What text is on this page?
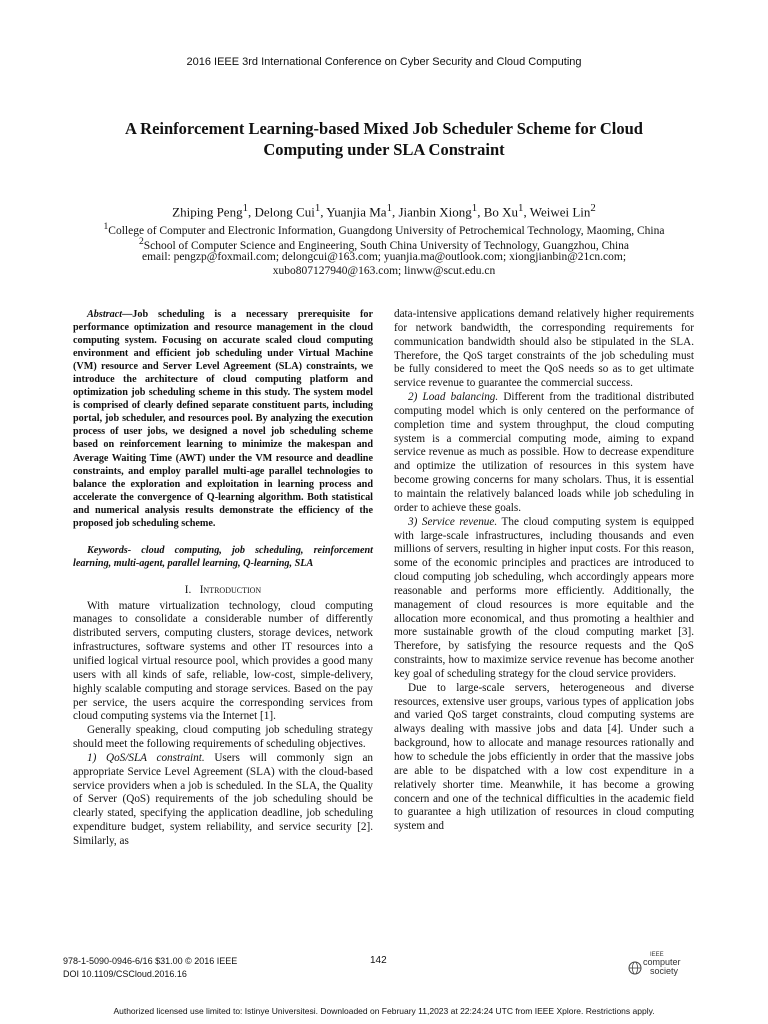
2016 IEEE 3rd International Conference on Cyber Security and Cloud Computing
A Reinforcement Learning-based Mixed Job Scheduler Scheme for Cloud
Computing under SLA Constraint
Zhiping Peng$^1$, Delong Cui$^1$, Yuanjia Ma$^1$, Jianbin Xiong$^1$, Bo Xu$^1$, Weiwei Lin$^2$
$^1$College of Computer and Electronic Information, Guangdong University of Petrochemical Technology, Maoming, China
$^2$School of Computer Science and Engineering, South China University of Technology, Guangzhou, China
email: pengzp@foxmail.com; delongcui@163.com; yuanjia.ma@outlook.com; xiongjianbin@21cn.com;
xubo807127940@163.com; linww@scut.edu.cn

Abstract—Job scheduling is a necessary prerequisite for performance optimization and resource management in the cloud computing system. Focusing on accurate scaled cloud computing environment and efficient job scheduling under Virtual Machine (VM) resource and Server Level Agreement (SLA) constraints, we introduce the architecture of cloud computing platform and optimization job scheduling scheme in this study. The system model is comprised of clearly defined separate constituent parts, including portal, job scheduler, and resources pool. By analyzing the execution process of user jobs, we designed a novel job scheduling scheme based on reinforcement learning to minimize the makespan and Average Waiting Time (AWT) under the VM resource and deadline constraints, and employ parallel multi-age parallel technologies to balance the exploration and exploitation in learning process and accelerate the convergence of Q-learning algorithm. Both statistical and numerical analysis results demonstrate the efficiency of the proposed job scheduling scheme.

Keywords- cloud computing, job scheduling, reinforcement learning, multi-agent, parallel learning, Q-learning, SLA

I. Introduction

With mature virtualization technology, cloud computing manages to consolidate a considerable number of differently distributed servers, computing clusters, storage devices, network infrastructures, software systems and other IT resources into a unified logical virtual resource pool, which provides a good many users with all kinds of safe, reliable, low-cost, simple-delivery, highly scalable computing and storage services. Based on the pay per service, the users acquire the corresponding services from cloud computing systems via the Internet [1].

Generally speaking, cloud computing job scheduling strategy should meet the following requirements of scheduling objectives.

1) QoS/SLA constraint. Users will commonly sign an appropriate Service Level Agreement (SLA) with the cloud-based service providers when a job is scheduled. In the SLA, the Quality of Server (QoS) requirements of the job scheduling should be clearly stated, specifying the application deadline, job scheduling expenditure budget, system reliability, and service security [2]. Similarly, as

data-intensive applications demand relatively higher requirements for network bandwidth, the corresponding requirements for communication bandwidth should also be stipulated in the SLA. Therefore, the QoS target constraints of the job scheduling must be fully considered to meet the QoS needs so as to get ultimate service revenue to guarantee the commercial success.

2) Load balancing. Different from the traditional distributed computing model which is only centered on the performance of completion time and system throughput, the cloud computing system is a commercial computing mode, aiming to expand service revenue as much as possible. How to decrease expenditure and optimize the utilization of resources in this system have become growing concerns for many scholars. Thus, it is essential to maintain the relatively balanced loads while job scheduling in order to achieve these goals.

3) Service revenue. The cloud computing system is equipped with large-scale infrastructures, including thousands and even millions of servers, resulting in higher input costs. For this reason, some of the economic principles and practices are introduced to cloud computing job scheduling, whch accordingly appears more reasonable and performs more efficiently. Additionally, the management of cloud resources is more equitable and the allocation more economical, and thus promoting a healthier and more sustainable growth of the cloud computing market [3]. Therefore, by satisfying the resource requests and the QoS constraints, how to maximize service revenue has become another key goal of scheduling strategy for the cloud service providers.

Due to large-scale servers, heterogeneous and diverse resources, extensive user groups, various types of application jobs and varied QoS target constraints, cloud computing systems are always dealing with massive jobs and data [4]. Under such a background, how to allocate and manage resources rationally and how to schedule the jobs efficiently in order that the massive jobs are able to be dispatched with a low cost expenditure in a relatively shorter time. Meanwhile, it has become a growing concern and one of the technical difficulties in the academic field to guarantee a high utilization of resources in cloud computing system and

978-1-5090-0946-6/16 $31.00 © 2016 IEEE
DOI 10.1109/CSCloud.2016.16
142	IEEE
computer
society
Authorized licensed use limited to: Istinye Universitesi. Downloaded on February 11,2023 at 22:24:24 UTC from IEEE Xplore. Restrictions apply.
